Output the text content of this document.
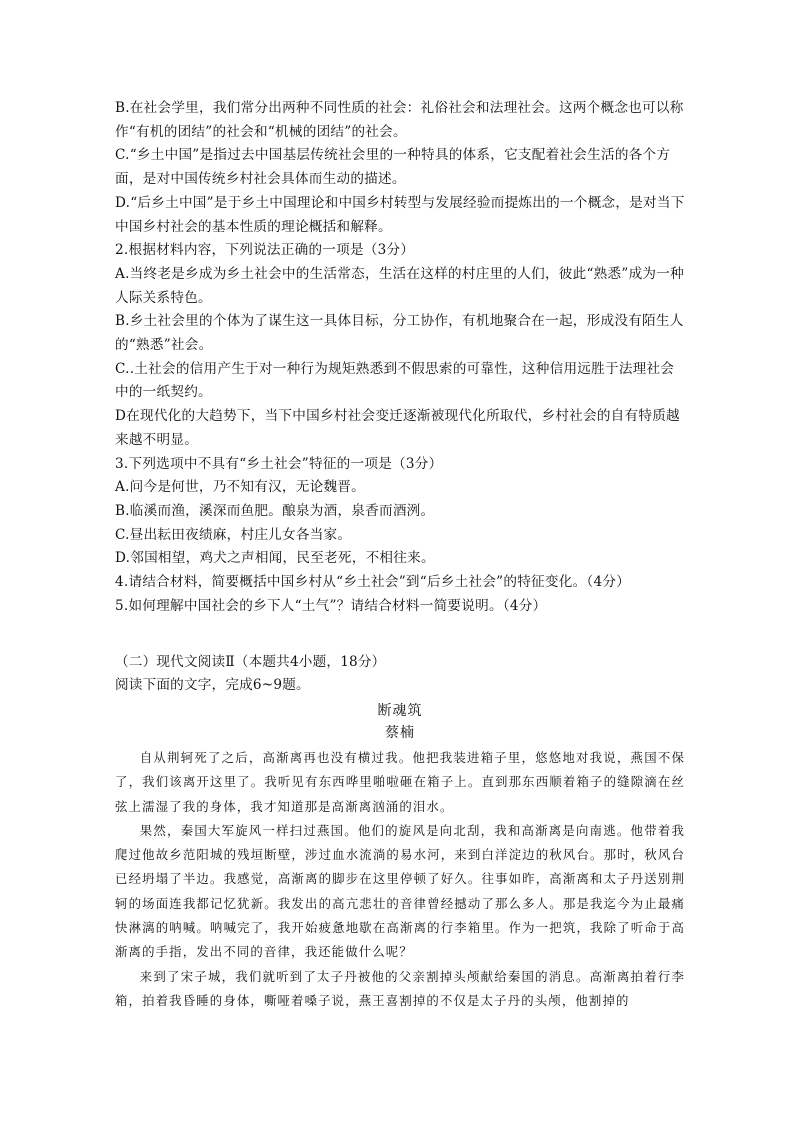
B.在社会学里，我们常分出两种不同性质的社会：礼俗社会和法理社会。这两个概念也可以称作“有机的团结”的社会和“机械的团结”的社会。

C.“乡土中国”是指过去中国基层传统社会里的一种特具的体系，它支配着社会生活的各个方面，是对中国传统乡村社会具体而生动的描述。

D.“后乡土中国”是于乡土中国理论和中国乡村转型与发展经验而提炼出的一个概念，是对当下中国乡村社会的基本性质的理论概括和解释。

2.根据材料内容，下列说法正确的一项是（3分）

A.当终老是乡成为乡土社会中的生活常态，生活在这样的村庄里的人们，彼此“熟悉”成为一种人际关系特色。

B.乡土社会里的个体为了谋生这一具体目标，分工协作，有机地聚合在一起，形成没有陌生人的“熟悉”社会。

C..土社会的信用产生于对一种行为规矩熟悉到不假思索的可靠性，这种信用远胜于法理社会中的一纸契约。

D在现代化的大趋势下，当下中国乡村社会变迁逐渐被现代化所取代，乡村社会的自有特质越来越不明显。

3.下列选项中不具有“乡土社会”特征的一项是（3分）

A.问今是何世，乃不知有汉，无论魏晋。

B.临溪而渔，溪深而鱼肥。酿泉为酒，泉香而酒洌。

C.昼出耘田夜绩麻，村庄儿女各当家。

D.邻国相望，鸡犬之声相闻，民至老死，不相往来。

4.请结合材料，简要概括中国乡村从“乡土社会”到“后乡土社会”的特征变化。（4分）

5.如何理解中国社会的乡下人“土气”？请结合材料一简要说明。（4分）

（二）现代文阅读Ⅱ（本题共4小题，18分）

阅读下面的文字，完成6~9题。

断魂筑

蔡楠

自从荆轲死了之后，高渐离再也没有横过我。他把我装进箱子里，悠悠地对我说，燕国不保了，我们该离开这里了。我听见有东西哗里啪啦砸在箱子上。直到那东西顺着箱子的缝隙滴在丝弦上濡湿了我的身体，我才知道那是高渐离汹涌的泪水。

果然，秦国大军旋风一样扫过燕国。他们的旋风是向北刮，我和高渐离是向南逃。他带着我爬过他故乡范阳城的残垣断壁，涉过血水流淌的易水河，来到白洋淀边的秋风台。那时，秋风台已经坍塌了半边。我感觉，高渐离的脚步在这里停顿了好久。往事如昨，高渐离和太子丹送别荆轲的场面连我都记忆犹新。我发出的高亢悲壮的音律曾经撼动了那么多人。那是我迄今为止最痛快淋漓的呐喊。呐喊完了，我开始疲惫地歇在高渐离的行李箱里。作为一把筑，我除了听命于高渐离的手指，发出不同的音律，我还能做什么呢？

来到了宋子城，我们就听到了太子丹被他的父亲割掉头颅献给秦国的消息。高渐离拍着行李箱，拍着我昏睡的身体，嘶哑着嗓子说，燕王喜割掉的不仅是太子丹的头颅，他割掉的
